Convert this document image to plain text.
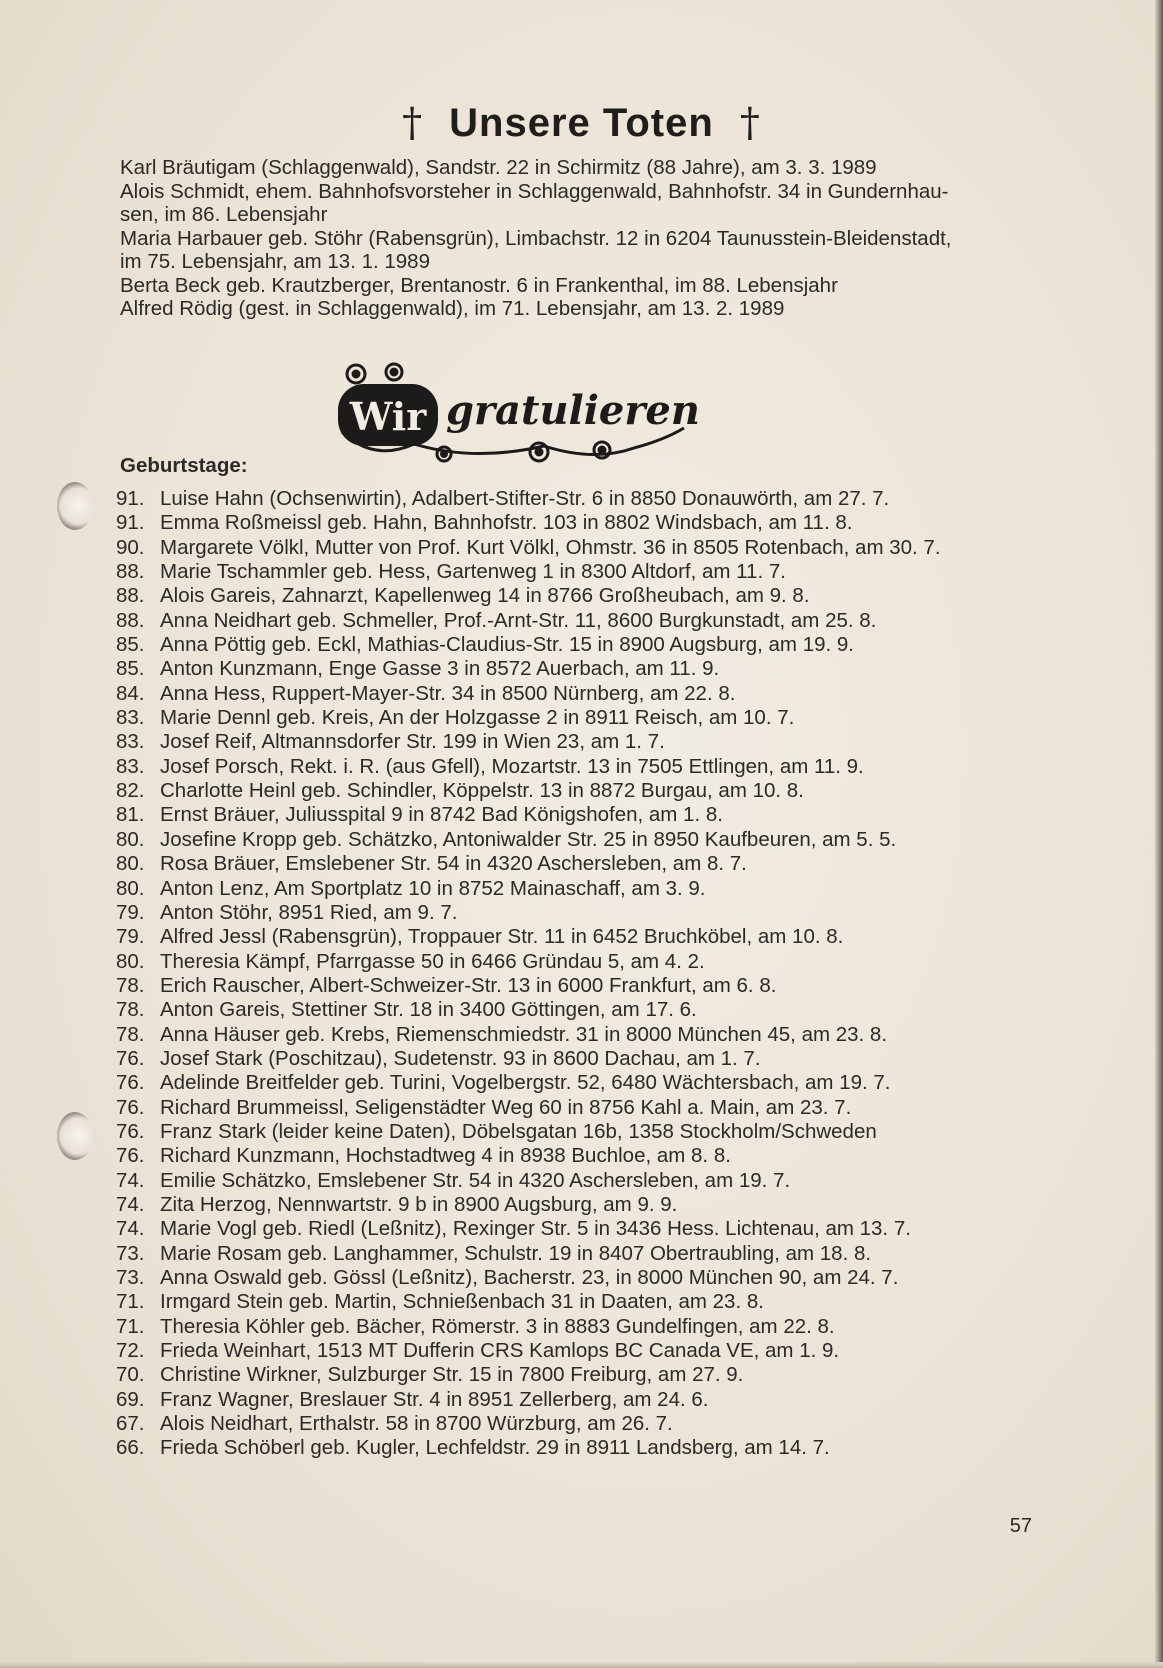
† Unsere Toten †
Karl Bräutigam (Schlaggenwald), Sandstr. 22 in Schirmitz (88 Jahre), am 3. 3. 1989
Alois Schmidt, ehem. Bahnhofsvorsteher in Schlaggenwald, Bahnhofstr. 34 in Gundernhau-
sen, im 86. Lebensjahr
Maria Harbauer geb. Stöhr (Rabensgrün), Limbachstr. 12 in 6204 Taunusstein-Bleidenstadt,
im 75. Lebensjahr, am 13. 1. 1989
Berta Beck geb. Krautzberger, Brentanostr. 6 in Frankenthal, im 88. Lebensjahr
Alfred Rödig (gest. in Schlaggenwald), im 71. Lebensjahr, am 13. 2. 1989
Wir gratulieren
Geburtstage:
91. Luise Hahn (Ochsenwirtin), Adalbert-Stifter-Str. 6 in 8850 Donauwörth, am 27. 7.
91. Emma Roßmeissl geb. Hahn, Bahnhofstr. 103 in 8802 Windsbach, am 11. 8.
90. Margarete Völkl, Mutter von Prof. Kurt Völkl, Ohmstr. 36 in 8505 Rotenbach, am 30. 7.
88. Marie Tschammler geb. Hess, Gartenweg 1 in 8300 Altdorf, am 11. 7.
88. Alois Gareis, Zahnarzt, Kapellenweg 14 in 8766 Großheubach, am 9. 8.
88. Anna Neidhart geb. Schmeller, Prof.-Arnt-Str. 11, 8600 Burgkunstadt, am 25. 8.
85. Anna Pöttig geb. Eckl, Mathias-Claudius-Str. 15 in 8900 Augsburg, am 19. 9.
85. Anton Kunzmann, Enge Gasse 3 in 8572 Auerbach, am 11. 9.
84. Anna Hess, Ruppert-Mayer-Str. 34 in 8500 Nürnberg, am 22. 8.
83. Marie Dennl geb. Kreis, An der Holzgasse 2 in 8911 Reisch, am 10. 7.
83. Josef Reif, Altmannsdorfer Str. 199 in Wien 23, am 1. 7.
83. Josef Porsch, Rekt. i. R. (aus Gfell), Mozartstr. 13 in 7505 Ettlingen, am 11. 9.
82. Charlotte Heinl geb. Schindler, Köppelstr. 13 in 8872 Burgau, am 10. 8.
81. Ernst Bräuer, Juliusspital 9 in 8742 Bad Königshofen, am 1. 8.
80. Josefine Kropp geb. Schätzko, Antoniwalder Str. 25 in 8950 Kaufbeuren, am 5. 5.
80. Rosa Bräuer, Emslebener Str. 54 in 4320 Aschersleben, am 8. 7.
80. Anton Lenz, Am Sportplatz 10 in 8752 Mainaschaff, am 3. 9.
79. Anton Stöhr, 8951 Ried, am 9. 7.
79. Alfred Jessl (Rabensgrün), Troppauer Str. 11 in 6452 Bruchköbel, am 10. 8.
80. Theresia Kämpf, Pfarrgasse 50 in 6466 Gründau 5, am 4. 2.
78. Erich Rauscher, Albert-Schweizer-Str. 13 in 6000 Frankfurt, am 6. 8.
78. Anton Gareis, Stettiner Str. 18 in 3400 Göttingen, am 17. 6.
78. Anna Häuser geb. Krebs, Riemenschmiedstr. 31 in 8000 München 45, am 23. 8.
76. Josef Stark (Poschitzau), Sudetenstr. 93 in 8600 Dachau, am 1. 7.
76. Adelinde Breitfelder geb. Turini, Vogelbergstr. 52, 6480 Wächtersbach, am 19. 7.
76. Richard Brummeissl, Seligenstädter Weg 60 in 8756 Kahl a. Main, am 23. 7.
76. Franz Stark (leider keine Daten), Döbelsgatan 16b, 1358 Stockholm/Schweden
76. Richard Kunzmann, Hochstadtweg 4 in 8938 Buchloe, am 8. 8.
74. Emilie Schätzko, Emslebener Str. 54 in 4320 Aschersleben, am 19. 7.
74. Zita Herzog, Nennwartstr. 9 b in 8900 Augsburg, am 9. 9.
74. Marie Vogl geb. Riedl (Leßnitz), Rexinger Str. 5 in 3436 Hess. Lichtenau, am 13. 7.
73. Marie Rosam geb. Langhammer, Schulstr. 19 in 8407 Obertraubling, am 18. 8.
73. Anna Oswald geb. Gössl (Leßnitz), Bacherstr. 23, in 8000 München 90, am 24. 7.
71. Irmgard Stein geb. Martin, Schnießenbach 31 in Daaten, am 23. 8.
71. Theresia Köhler geb. Bächer, Römerstr. 3 in 8883 Gundelfingen, am 22. 8.
72. Frieda Weinhart, 1513 MT Dufferin CRS Kamlops BC Canada VE, am 1. 9.
70. Christine Wirkner, Sulzburger Str. 15 in 7800 Freiburg, am 27. 9.
69. Franz Wagner, Breslauer Str. 4 in 8951 Zellerberg, am 24. 6.
67. Alois Neidhart, Erthalstr. 58 in 8700 Würzburg, am 26. 7.
66. Frieda Schöberl geb. Kugler, Lechfeldstr. 29 in 8911 Landsberg, am 14. 7.
57
